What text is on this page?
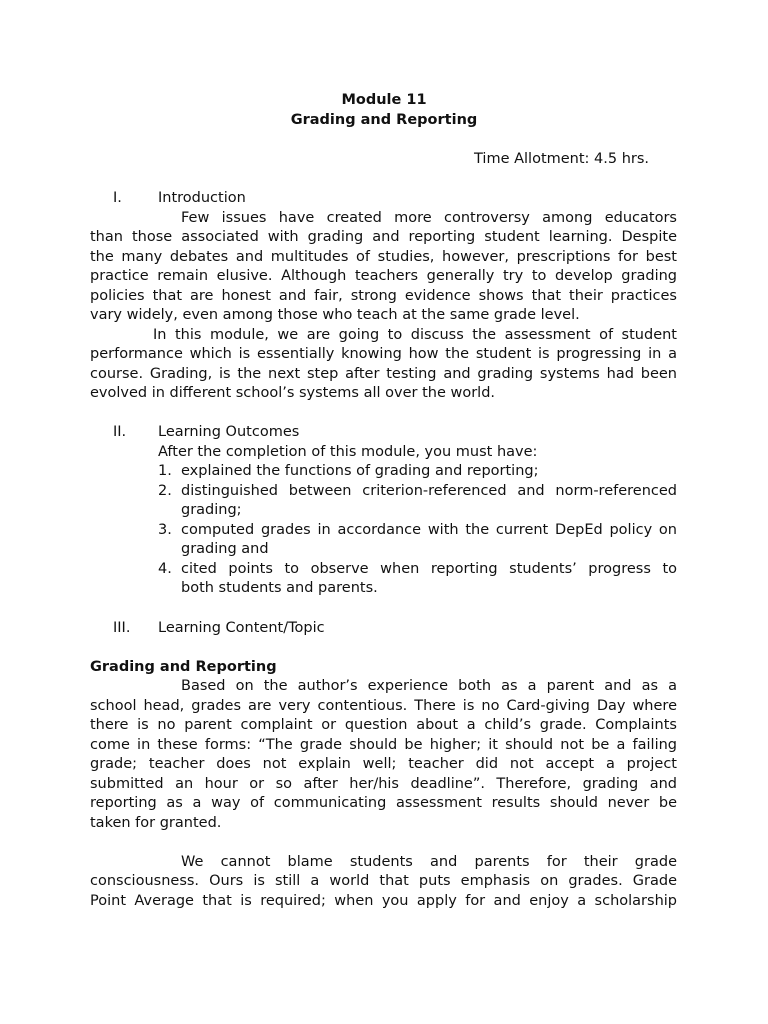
Module 11
Grading and Reporting
Time Allotment: 4.5 hrs.
I. Introduction
Few issues have created more controversy among educators
than those associated with grading and reporting student learning. Despite
the many debates and multitudes of studies, however, prescriptions for best
practice remain elusive. Although teachers generally try to develop grading
policies that are honest and fair, strong evidence shows that their practices
vary widely, even among those who teach at the same grade level.
In this module, we are going to discuss the assessment of student
performance which is essentially knowing how the student is progressing in a
course. Grading, is the next step after testing and grading systems had been
evolved in different school’s systems all over the world.
II. Learning Outcomes
After the completion of this module, you must have:
1. explained the functions of grading and reporting;
2. distinguished between criterion-referenced and norm-referenced
grading;
3. computed grades in accordance with the current DepEd policy on
grading and
4. cited points to observe when reporting students’ progress to
both students and parents.
III. Learning Content/Topic
Grading and Reporting
Based on the author’s experience both as a parent and as a
school head, grades are very contentious. There is no Card-giving Day where
there is no parent complaint or question about a child’s grade. Complaints
come in these forms: “The grade should be higher; it should not be a failing
grade; teacher does not explain well; teacher did not accept a project
submitted an hour or so after her/his deadline”. Therefore, grading and
reporting as a way of communicating assessment results should never be
taken for granted.
We cannot blame students and parents for their grade
consciousness. Ours is still a world that puts emphasis on grades. Grade
Point Average that is required; when you apply for and enjoy a scholarship
